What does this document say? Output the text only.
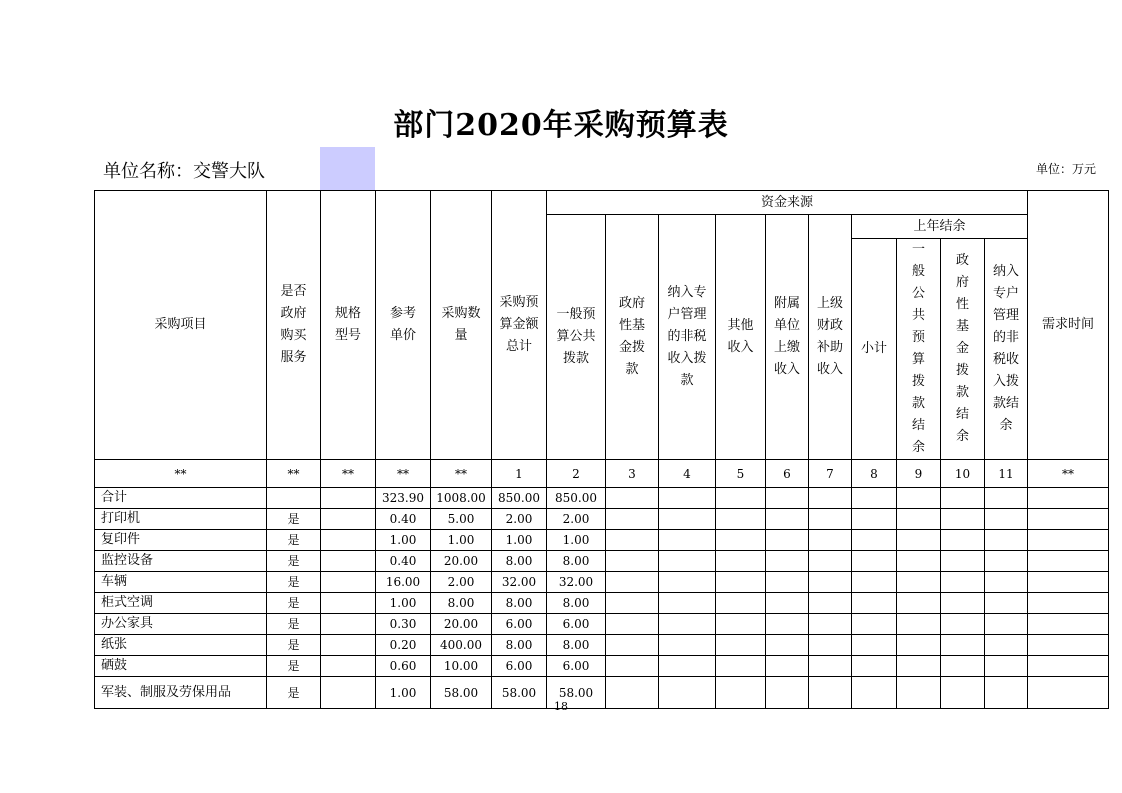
部门2020年采购预算表
单位名称：交警大队	单位：万元
采购项目	是否政府购买服务	规格型号	参考单价	采购数量	采购预算金额总计	资金来源										需求时间

						一般预算公共拨款	政府性基金拨款	纳入专户管理的非税收入拨款	其他收入	附属单位上缴收入	上级财政补助收入	上年结余				
												小计	一般公共预算拨款结余	政府性基金拨款结余	纳入专户管理的非税收入拨款结余	

**	**	**	**	**	1	2	3	4	5	6	7	8	9	10	11	**
合计			323.90	1008.00	850.00	850.00										
打印机	是		0.40	5.00	2.00	2.00										
复印件	是		1.00	1.00	1.00	1.00										
监控设备	是		0.40	20.00	8.00	8.00										
车辆	是		16.00	2.00	32.00	32.00										
柜式空调	是		1.00	8.00	8.00	8.00										
办公家具	是		0.30	20.00	6.00	6.00										
纸张	是		0.20	400.00	8.00	8.00										
硒鼓	是		0.60	10.00	6.00	6.00										
军装、制服及劳保用品	是		1.00	58.00	58.00	58.00										
18
